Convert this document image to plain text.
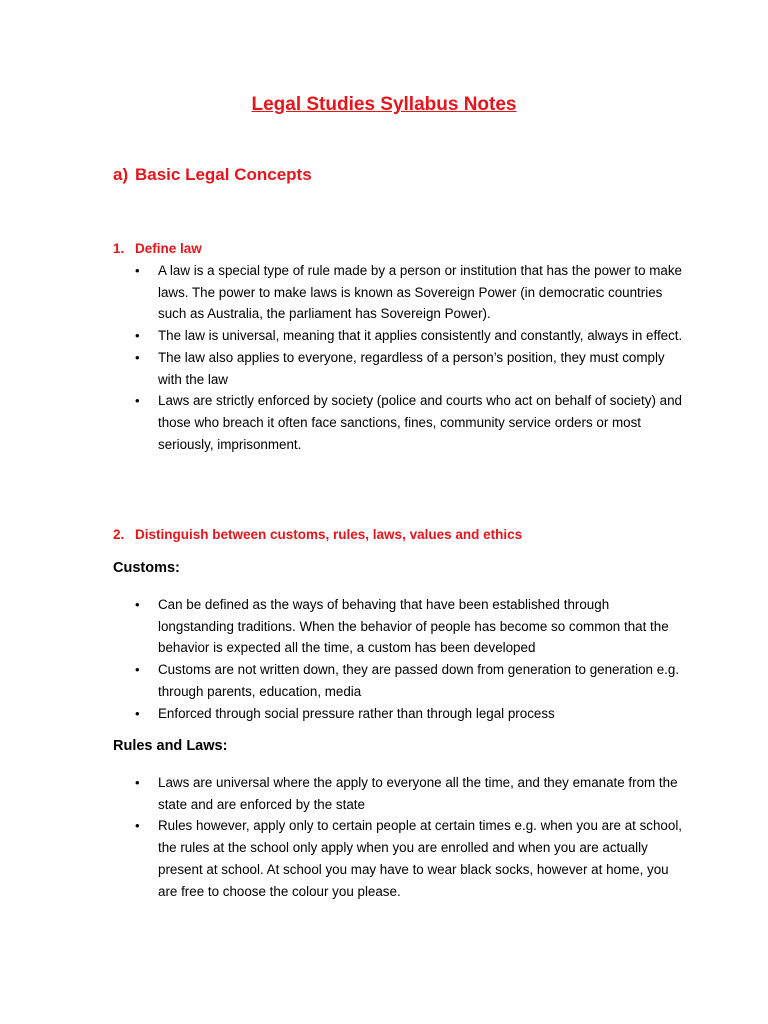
Legal Studies Syllabus Notes
a) Basic Legal Concepts
1. Define law
• A law is a special type of rule made by a person or institution that has the power to make laws. The power to make laws is known as Sovereign Power (in democratic countries such as Australia, the parliament has Sovereign Power).
• The law is universal, meaning that it applies consistently and constantly, always in effect.
• The law also applies to everyone, regardless of a person’s position, they must comply with the law
• Laws are strictly enforced by society (police and courts who act on behalf of society) and those who breach it often face sanctions, fines, community service orders or most seriously, imprisonment.
2. Distinguish between customs, rules, laws, values and ethics
Customs:
• Can be defined as the ways of behaving that have been established through longstanding traditions. When the behavior of people has become so common that the behavior is expected all the time, a custom has been developed
• Customs are not written down, they are passed down from generation to generation e.g. through parents, education, media
• Enforced through social pressure rather than through legal process
Rules and Laws:
• Laws are universal where the apply to everyone all the time, and they emanate from the state and are enforced by the state
• Rules however, apply only to certain people at certain times e.g. when you are at school, the rules at the school only apply when you are enrolled and when you are actually present at school. At school you may have to wear black socks, however at home, you are free to choose the colour you please.
